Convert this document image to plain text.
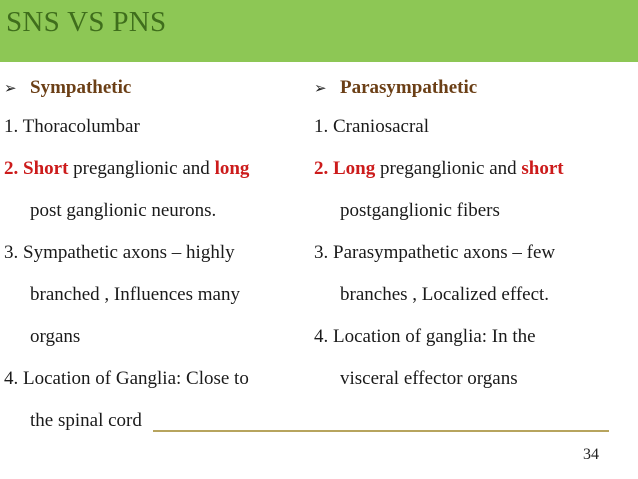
SNS VS PNS
➢ Sympathetic
1. Thoracolumbar
2. Short preganglionic and long
post ganglionic neurons.
3. Sympathetic axons – highly
branched , Influences many
organs
4. Location of Ganglia: Close to
the spinal cord
➢ Parasympathetic
1. Craniosacral
2. Long preganglionic and short
postganglionic fibers
3. Parasympathetic axons – few
branches , Localized effect.
4. Location of ganglia: In the
visceral effector organs
34
